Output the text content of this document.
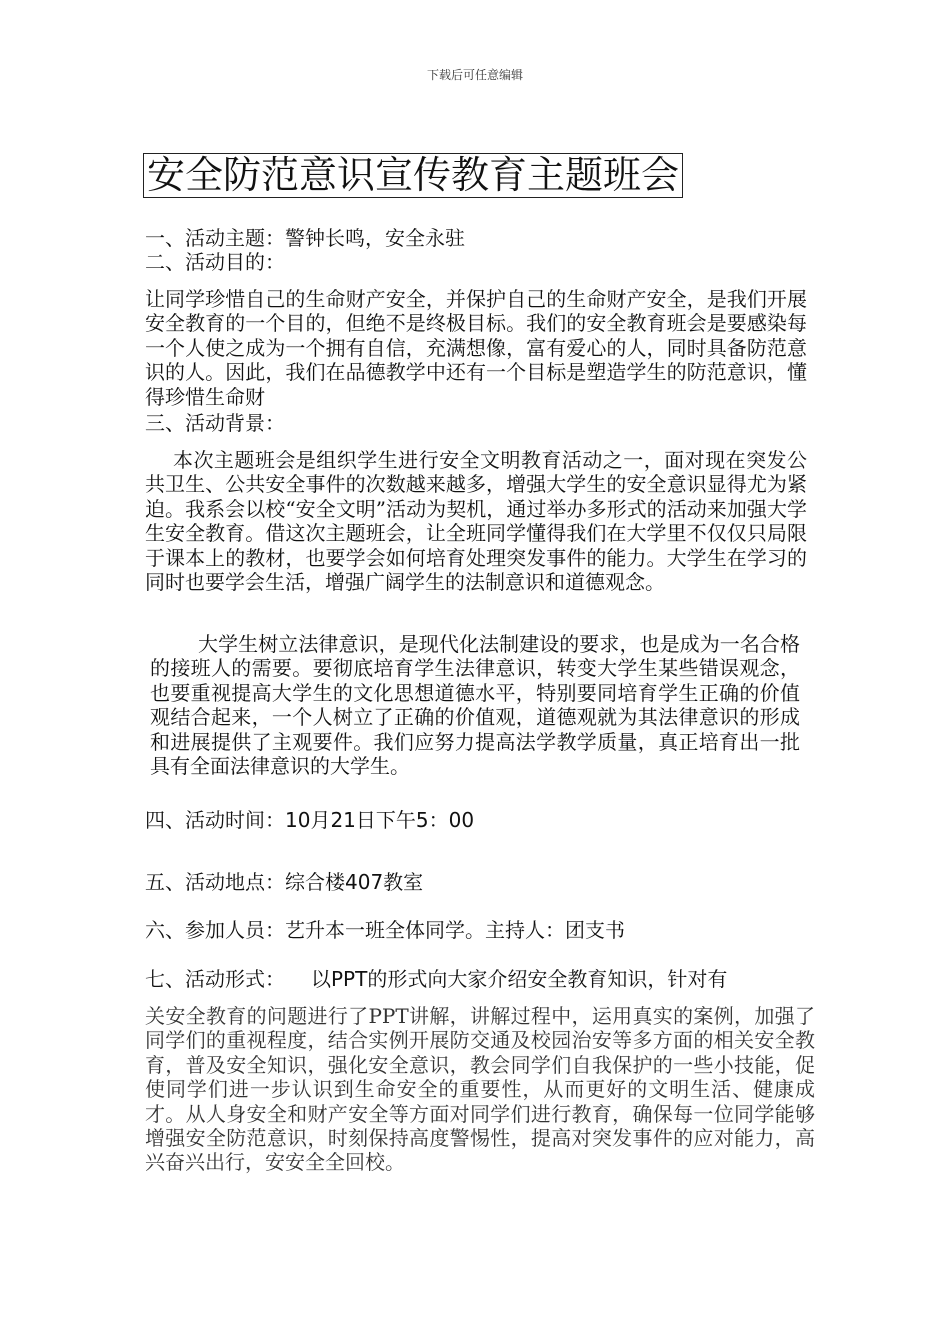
下载后可任意编辑
安全防范意识宣传教育主题班会

一、活动主题：警钟长鸣，安全永驻

二、活动目的：

让同学珍惜自己的生命财产安全，并保护自己的生命财产安全，是我们开展安全教育的一个目的，但绝不是终极目标。我们的安全教育班会是要感染每一个人使之成为一个拥有自信，充满想像，富有爱心的人，同时具备防范意识的人。因此，我们在品德教学中还有一个目标是塑造学生的防范意识，懂得珍惜生命财

三、活动背景：

本次主题班会是组织学生进行安全文明教育活动之一，面对现在突发公共卫生、公共安全事件的次数越来越多，增强大学生的安全意识显得尤为紧迫。我系会以校“安全文明”活动为契机，通过举办多形式的活动来加强大学生安全教育。借这次主题班会，让全班同学懂得我们在大学里不仅仅只局限于课本上的教材，也要学会如何培育处理突发事件的能力。大学生在学习的同时也要学会生活，增强广阔学生的法制意识和道德观念。

大学生树立法律意识，是现代化法制建设的要求，也是成为一名合格的接班人的需要。要彻底培育学生法律意识，转变大学生某些错误观念，也要重视提高大学生的文化思想道德水平，特别要同培育学生正确的价值观结合起来，一个人树立了正确的价值观，道德观就为其法律意识的形成和进展提供了主观要件。我们应努力提高法学教学质量，真正培育出一批具有全面法律意识的大学生。

四、活动时间：10月21日下午5：00

五、活动地点：综合楼407教室

六、参加人员：艺升本一班全体同学。主持人：团支书

七、活动形式： 以PPT的形式向大家介绍安全教育知识，针对有

关安全教育的问题进行了PPT讲解，讲解过程中，运用真实的案例，加强了同学们的重视程度，结合实例开展防交通及校园治安等多方面的相关安全教育，普及安全知识，强化安全意识，教会同学们自我保护的一些小技能，促使同学们进一步认识到生命安全的重要性，从而更好的文明生活、健康成才。从人身安全和财产安全等方面对同学们进行教育，确保每一位同学能够增强安全防范意识，时刻保持高度警惕性，提高对突发事件的应对能力，高兴奋兴出行，安安全全回校。
